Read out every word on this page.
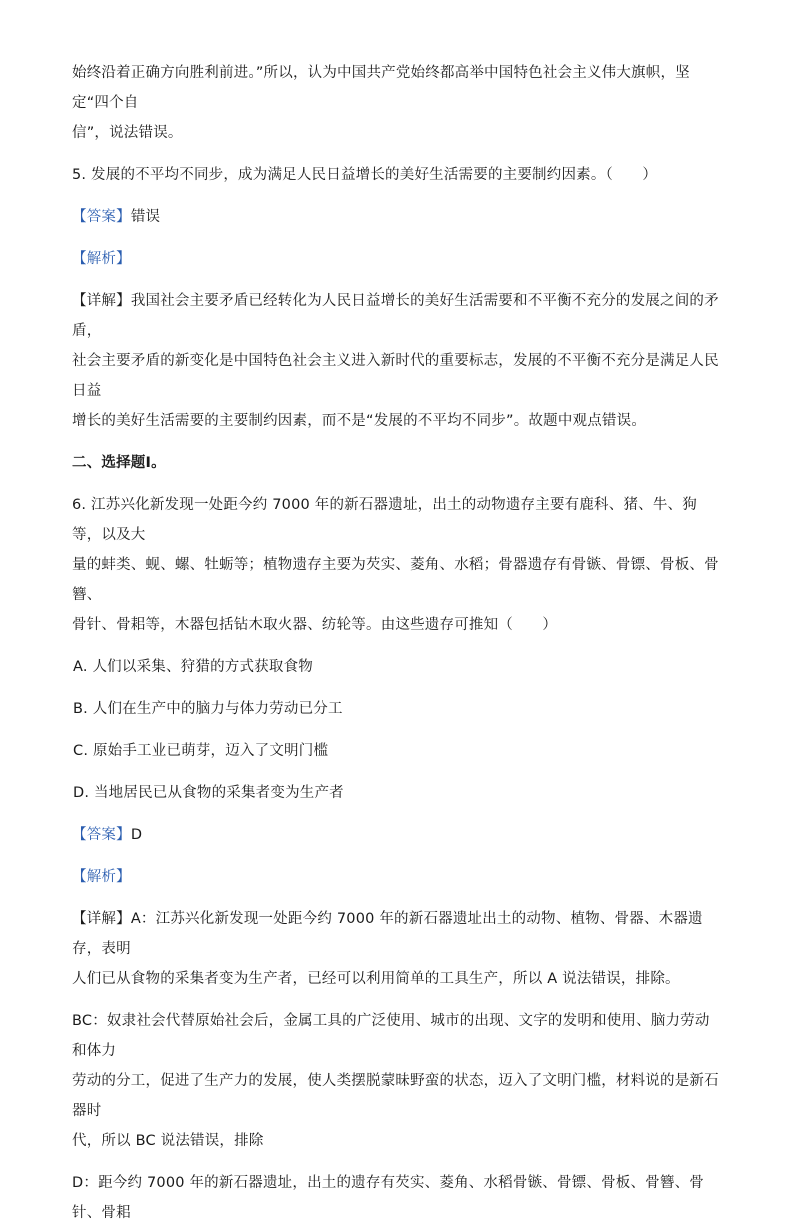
始终沿着正确方向胜利前进。”所以，认为中国共产党始终都高举中国特色社会主义伟大旗帜，坚定“四个自

信”，说法错误。

5. 发展的不平均不同步，成为满足人民日益增长的美好生活需要的主要制约因素。（　　）

【答案】错误

【解析】

【详解】我国社会主要矛盾已经转化为人民日益增长的美好生活需要和不平衡不充分的发展之间的矛盾，

社会主要矛盾的新变化是中国特色社会主义进入新时代的重要标志，发展的不平衡不充分是满足人民日益

增长的美好生活需要的主要制约因素，而不是“发展的不平均不同步”。故题中观点错误。

二、选择题Ⅰ。

6. 江苏兴化新发现一处距今约 7000 年的新石器遗址，出土的动物遗存主要有鹿科、猪、牛、狗等，以及大

量的蚌类、蚬、螺、牡蛎等；植物遗存主要为芡实、菱角、水稻；骨器遗存有骨镞、骨镖、骨板、骨簪、

骨针、骨耜等，木器包括钻木取火器、纺轮等。由这些遗存可推知（　　）

A. 人们以采集、狩猎的方式获取食物

B. 人们在生产中的脑力与体力劳动已分工

C. 原始手工业已萌芽，迈入了文明门槛

D. 当地居民已从食物的采集者变为生产者

【答案】D

【解析】

【详解】A：江苏兴化新发现一处距今约 7000 年的新石器遗址出土的动物、植物、骨器、木器遗存，表明

人们已从食物的采集者变为生产者，已经可以利用简单的工具生产，所以 A 说法错误，排除。

BC：奴隶社会代替原始社会后，金属工具的广泛使用、城市的出现、文字的发明和使用、脑力劳动和体力

劳动的分工，促进了生产力的发展，使人类摆脱蒙昧野蛮的状态，迈入了文明门槛，材料说的是新石器时

代，所以 BC 说法错误，排除

D：距今约 7000 年的新石器遗址，出土的遗存有芡实、菱角、水稻骨镞、骨镖、骨板、骨簪、骨针、骨耜
